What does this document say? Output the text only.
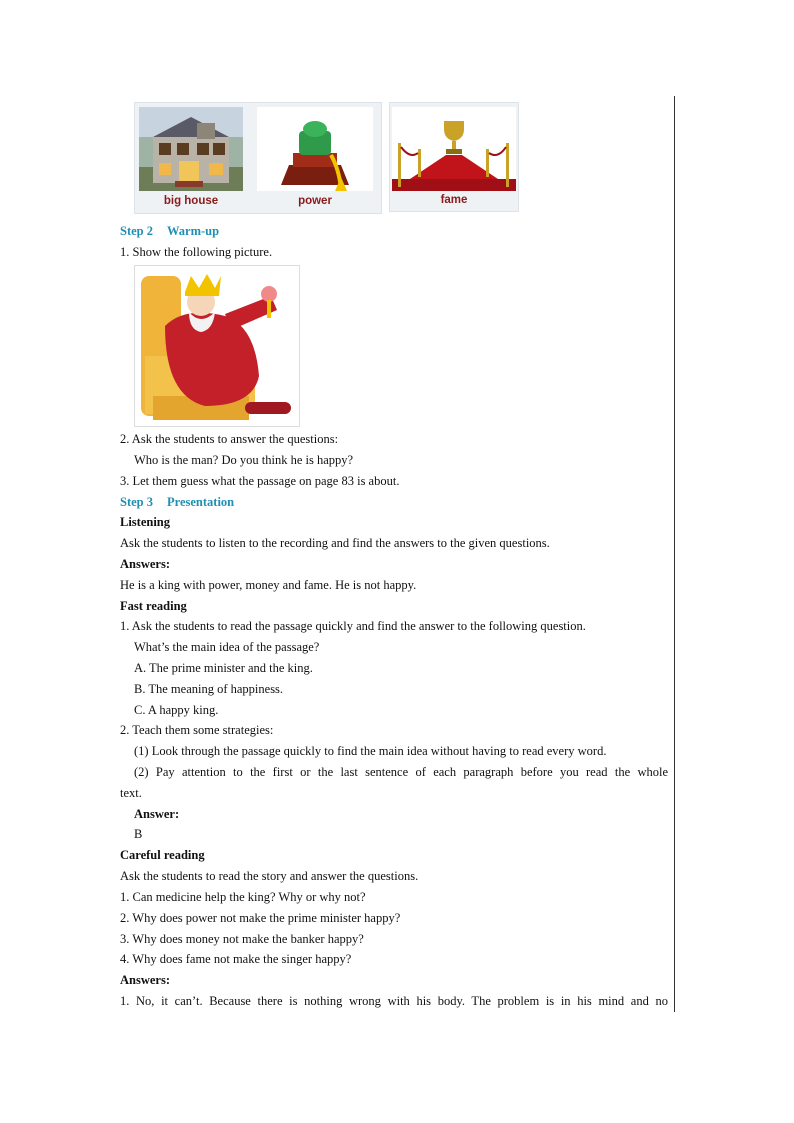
big house	power	fame
Step 2 Warm-up
1. Show the following picture.
2. Ask the students to answer the questions:
Who is the man? Do you think he is happy?
3. Let them guess what the passage on page 83 is about.
Step 3 Presentation
Listening
Ask the students to listen to the recording and find the answers to the given questions.
Answers:
He is a king with power, money and fame. He is not happy.
Fast reading
1. Ask the students to read the passage quickly and find the answer to the following question.
What’s the main idea of the passage?
A. The prime minister and the king.
B. The meaning of happiness.
C. A happy king.
2. Teach them some strategies:
(1) Look through the passage quickly to find the main idea without having to read every word.
(2) Pay attention to the first or the last sentence of each paragraph before you read the whole
text.
Answer:
B
Careful reading
Ask the students to read the story and answer the questions.
1. Can medicine help the king? Why or why not?
2. Why does power not make the prime minister happy?
3. Why does money not make the banker happy?
4. Why does fame not make the singer happy?
Answers:
1. No, it can’t. Because there is nothing wrong with his body. The problem is in his mind and no
